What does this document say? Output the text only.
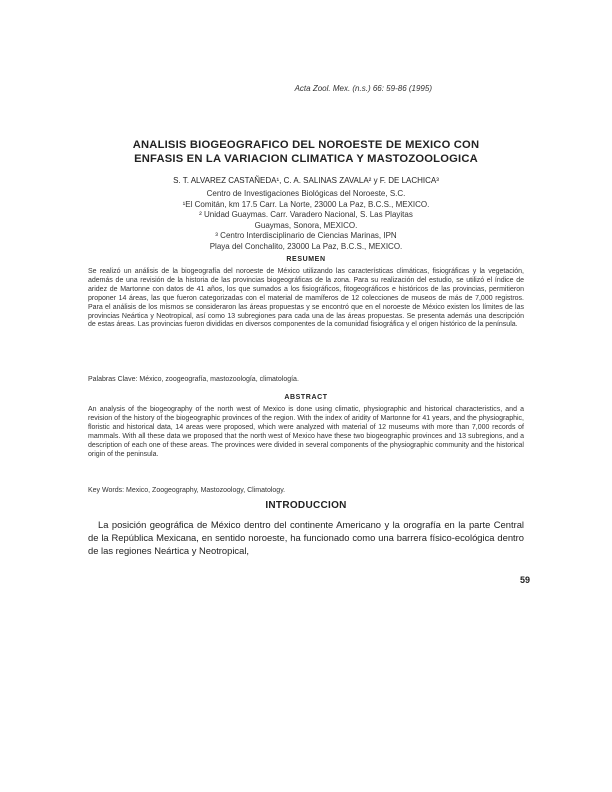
Acta Zool. Mex. (n.s.) 66: 59-86 (1995)
ANALISIS BIOGEOGRAFICO DEL NOROESTE DE MEXICO CON
ENFASIS EN LA VARIACION CLIMATICA Y MASTOZOOLOGICA
S. T. ALVAREZ CASTAÑEDA¹, C. A. SALINAS ZAVALA² y F. DE LACHICA³
Centro de Investigaciones Biológicas del Noroeste, S.C.
¹El Comitán, km 17.5 Carr. La Norte, 23000 La Paz, B.C.S., MEXICO.
² Unidad Guaymas. Carr. Varadero Nacional, S. Las Playitas
Guaymas, Sonora, MEXICO.
³ Centro Interdisciplinario de Ciencias Marinas, IPN
Playa del Conchalito, 23000 La Paz, B.C.S., MEXICO.
RESUMEN

Se realizó un análisis de la biogeografía del noroeste de México utilizando las características climáticas, fisiográficas y la vegetación, además de una revisión de la historia de las provincias biogeográficas de la zona. Para su realización del estudio, se utilizó el índice de aridez de Martonne con datos de 41 años, los que sumados a los fisiográficos, fitogeográficos e históricos de las provincias, permitieron proponer 14 áreas, las que fueron categorizadas con el material de mamíferos de 12 colecciones de museos de más de 7,000 registros. Para el análisis de los mismos se consideraron las áreas propuestas y se encontró que en el noroeste de México existen los límites de las provincias Neártica y Neotropical, así como 13 subregiones para cada una de las áreas propuestas. Se presenta además una descripción de estas áreas. Las provincias fueron divididas en diversos componentes de la comunidad fisiográfica y el origen histórico de la península.

Palabras Clave: México, zoogeografía, mastozoología, climatología.
ABSTRACT

An analysis of the biogeography of the north west of Mexico is done using climatic, physiographic and historical characteristics, and a revision of the history of the biogeographic provinces of the region. With the index of aridity of Martonne for 41 years, and the physiographic, floristic and historical data, 14 areas were proposed, which were analyzed with material of 12 museums with more than 7,000 records of mammals. With all these data we proposed that the north west of Mexico have these two biogeographic provinces and 13 subregions, and a description of each one of these areas. The provinces were divided in several components of the physiographic community and the historical origin of the peninsula.

Key Words: Mexico, Zoogeography, Mastozoology, Climatology.
INTRODUCCION

La posición geográfica de México dentro del continente Americano y la orografía en la parte Central de la República Mexicana, en sentido noroeste, ha funcionado como una barrera físico-ecológica dentro de las regiones Neártica y Neotropical,

59
